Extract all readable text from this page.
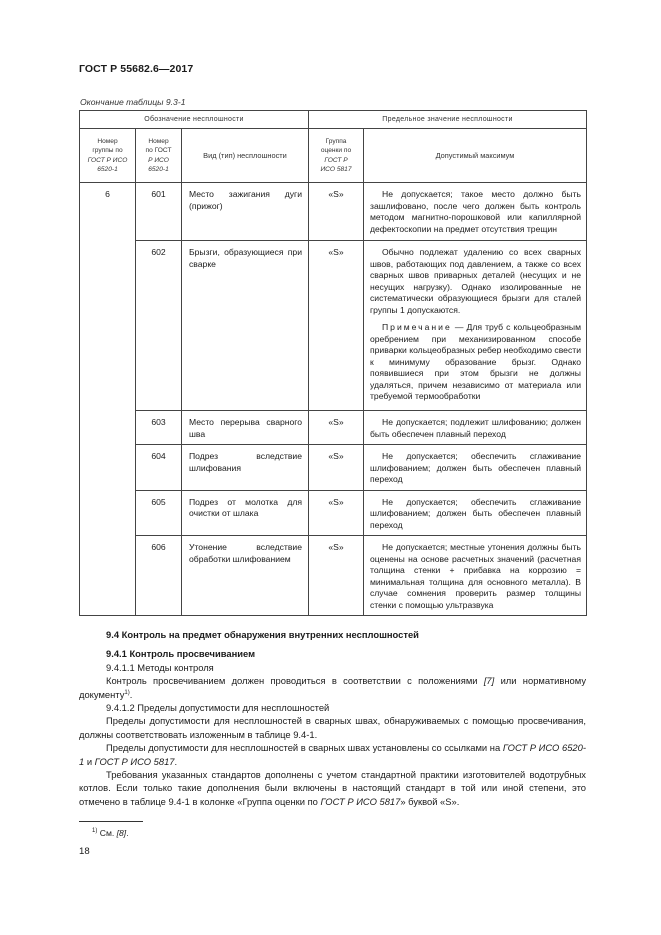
ГОСТ Р 55682.6—2017
Окончание таблицы 9.3-1
Обозначение несплошности			Предельное значение несплошности	
Номер
группы по
ГОСТ Р ИСО
6520-1	Номер
по ГОСТ
Р ИСО
6520-1	Вид (тип) несплошности	Группа
оценки по
ГОСТ Р
ИСО 5817	Допустимый максимум
6	601	Место зажигания дуги (прижог)	«S»	Не допускается; такое место должно быть зашлифовано, после чего должен быть контроль методом магнитно-порошковой или капиллярной дефектоскопии на предмет отсутствия трещин

	602	Брызги, образующиеся при сварке	«S»	Обычно подлежат удалению со всех сварных швов, работающих под давлением, а также со всех сварных швов приварных деталей (несущих и не несущих нагрузку). Однако изолированные не систематически образующиеся брызги для сталей группы 1 допускаются.

Примечание — Для труб с кольцеобразным оребрением при механизированном способе приварки кольцеобразных ребер необходимо свести к минимуму образование брызг. Однако появившиеся при этом брызги не должны удаляться, причем независимо от материала или требуемой термообработки

	603	Место перерыва сварного шва	«S»	Не допускается; подлежит шлифованию; должен быть обеспечен плавный переход

	604	Подрез вследствие шлифования	«S»	Не допускается; обеспечить сглаживание шлифованием; должен быть обеспечен плавный переход

	605	Подрез от молотка для очистки от шлака	«S»	Не допускается; обеспечить сглаживание шлифованием; должен быть обеспечен плавный переход

	606	Утонение вследствие обработки шлифованием	«S»	Не допускается; местные утонения должны быть оценены на основе расчетных значений (расчетная толщина стенки + прибавка на коррозию = минимальная толщина для основного металла). В случае сомнения проверить размер толщины стенки с помощью ультразвука

9.4 Контроль на предмет обнаружения внутренних несплошностей
9.4.1 Контроль просвечиванием
9.4.1.1 Методы контроля

Контроль просвечиванием должен проводиться в соответствии с положениями [7] или нормативному документу$^{1)}$.

9.4.1.2 Пределы допустимости для несплошностей

Пределы допустимости для несплошностей в сварных швах, обнаруживаемых с помощью просвечивания, должны соответствовать изложенным в таблице 9.4-1.

Пределы допустимости для несплошностей в сварных швах установлены со ссылками на ГОСТ Р ИСО 6520-1 и ГОСТ Р ИСО 5817.

Требования указанных стандартов дополнены с учетом стандартной практики изготовителей водотрубных котлов. Если только такие дополнения были включены в настоящий стандарт в той или иной степени, это отмечено в таблице 9.4-1 в колонке «Группа оценки по ГОСТ Р ИСО 5817» буквой «S».

$^{1)}$ См. [8].
18
